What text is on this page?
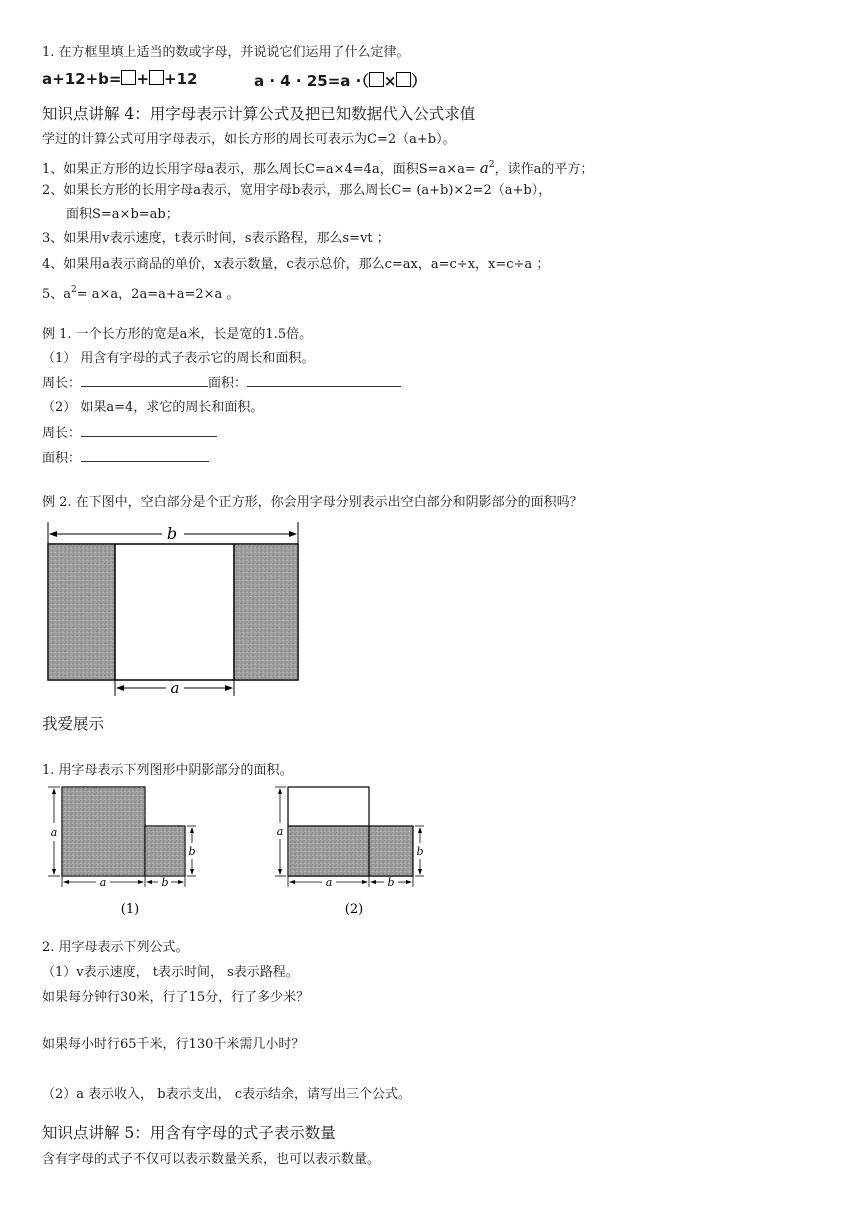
1. 在方框里填上适当的数或字母，并说说它们运用了什么定律。
a+12+b= + +12	a · 4 · 25=a ·（ × ）
知识点讲解 4：用字母表示计算公式及把已知数据代入公式求值
学过的计算公式可用字母表示，如长方形的周长可表示为C=2（a+b）。
1、如果正方形的边长用字母a表示，那么周长C=a×4=4a，面积$S=a\times a= a^2$，读作a的平方；
2、如果长方形的长用字母a表示，宽用字母b表示，那么周长C= (a+b)×2=2（a+b），
面积S=a×b=ab；
3、如果用v表示速度，t表示时间，s表示路程，那么s=vt ；
4、如果用a表示商品的单价，x表示数量，c表示总价，那么c=ax，a=c÷x，x=c÷a ；
5、$a^2= a\times a$，2a=a+a=2×a 。
例 1. 一个长方形的宽是a米，长是宽的1.5倍。
（1） 用含有字母的式子表示它的周长和面积。
周长：	面积：
（2） 如果a=4，求它的周长和面积。
周长：
面积：
例 2. 在下图中，空白部分是个正方形，你会用字母分别表示出空白部分和阴影部分的面积吗？
b
a
我爱展示
1. 用字母表示下列图形中阴影部分的面积。
a
b
a	b
(1)
a
b
a	b
(2)
2. 用字母表示下列公式。
（1）v表示速度， t表示时间， s表示路程。
如果每分钟行30米，行了15分，行了多少米？
如果每小时行65千米，行130千米需几小时？
（2）a 表示收入， b表示支出， c表示结余，请写出三个公式。
知识点讲解 5：用含有字母的式子表示数量
含有字母的式子不仅可以表示数量关系，也可以表示数量。
